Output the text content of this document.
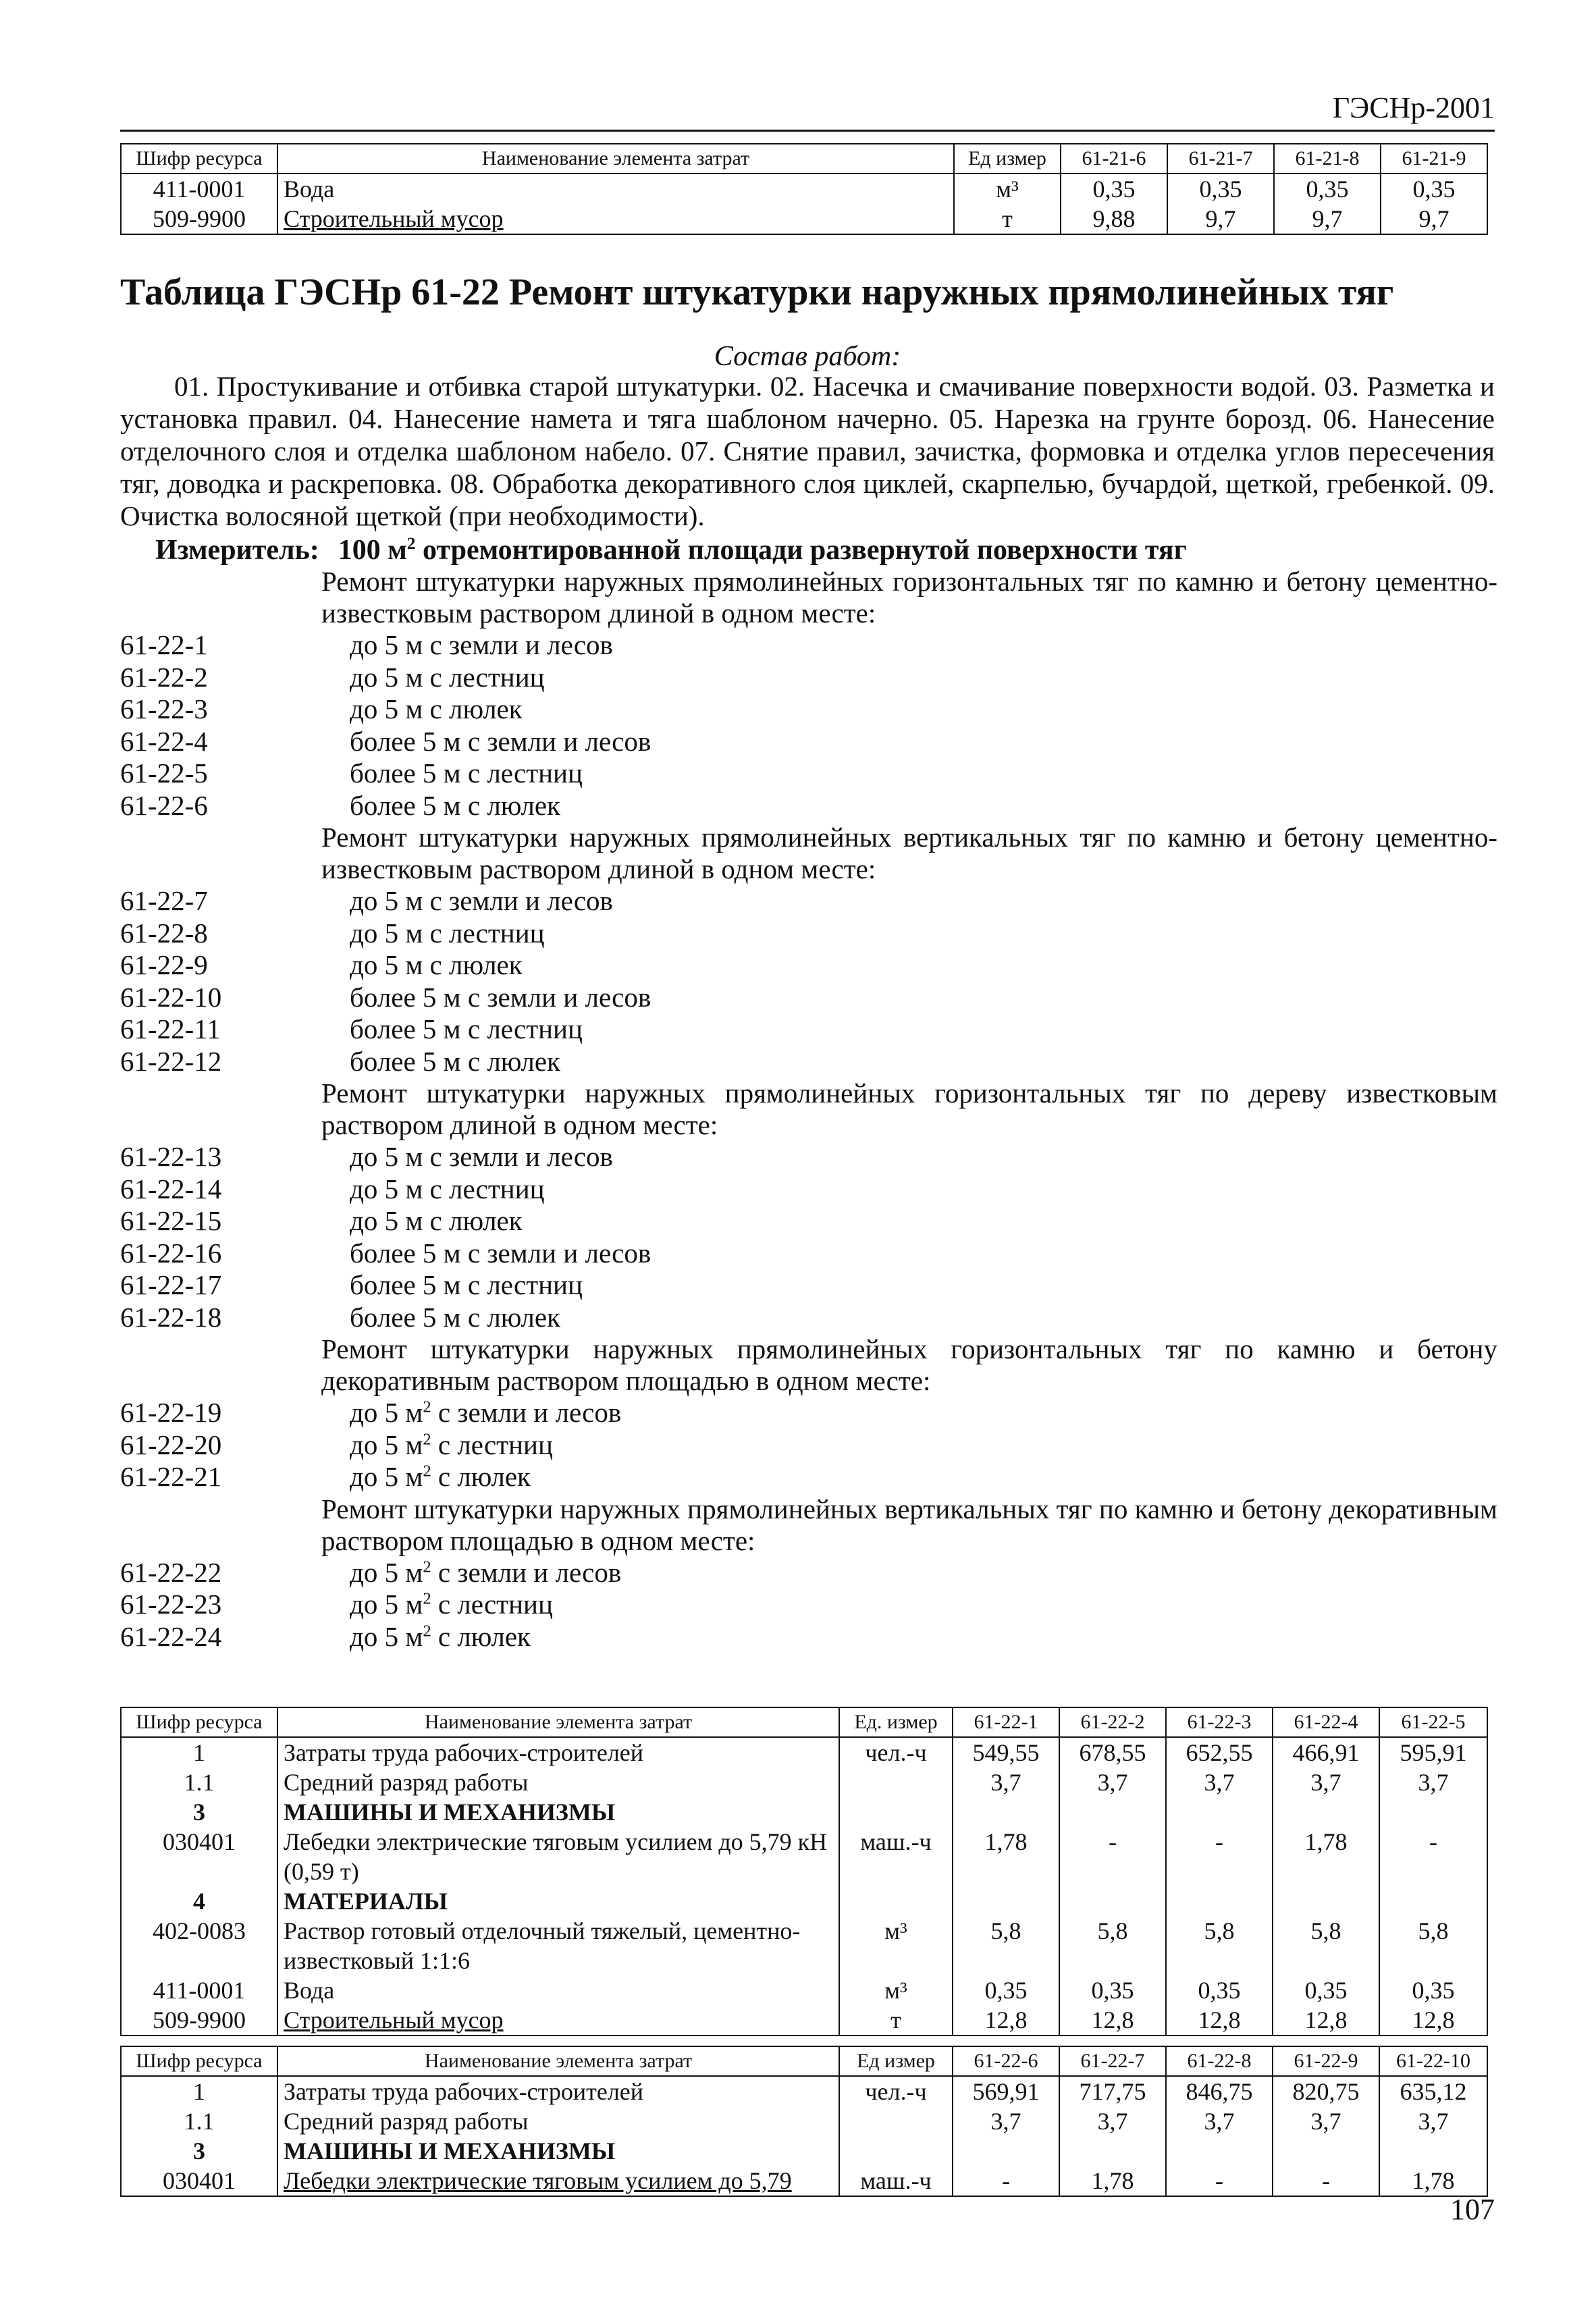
ГЭСНр-2001
Шифр ресурса	Наименование элемента затрат	Ед измер	61-21-6	61-21-7	61-21-8	61-21-9
411-0001	Вода	м³	0,35	0,35	0,35	0,35
509-9900	Строительный мусор	т	9,88	9,7	9,7	9,7
Таблица ГЭСНр 61-22 Ремонт штукатурки наружных прямолинейных тяг
Состав работ:
01. Простукивание и отбивка старой штукатурки. 02. Насечка и смачивание поверхности водой. 03. Разметка и установка правил. 04. Нанесение намета и тяга шаблоном начерно. 05. Нарезка на грунте борозд. 06. Нанесение отделочного слоя и отделка шаблоном набело. 07. Снятие правил, зачистка, формовка и отделка углов пересечения тяг, доводка и раскреповка. 08. Обработка декоративного слоя циклей, скарпелью, бучардой, щеткой, гребенкой. 09. Очистка волосяной щеткой (при необходимости).
Измеритель: 100 $м^2$ отремонтированной площади развернутой поверхности тяг
Ремонт штукатурки наружных прямолинейных горизонтальных тяг по камню и бетону цементно-известковым раствором длиной в одном месте:
61-22-1	до 5 м с земли и лесов
61-22-2	до 5 м с лестниц
61-22-3	до 5 м с люлек
61-22-4	более 5 м с земли и лесов
61-22-5	более 5 м с лестниц
61-22-6	более 5 м с люлек
Ремонт штукатурки наружных прямолинейных вертикальных тяг по камню и бетону цементно-известковым раствором длиной в одном месте:
61-22-7	до 5 м с земли и лесов
61-22-8	до 5 м с лестниц
61-22-9	до 5 м с люлек
61-22-10	более 5 м с земли и лесов
61-22-11	более 5 м с лестниц
61-22-12	более 5 м с люлек
Ремонт штукатурки наружных прямолинейных горизонтальных тяг по дереву известковым раствором длиной в одном месте:
61-22-13	до 5 м с земли и лесов
61-22-14	до 5 м с лестниц
61-22-15	до 5 м с люлек
61-22-16	более 5 м с земли и лесов
61-22-17	более 5 м с лестниц
61-22-18	более 5 м с люлек
Ремонт штукатурки наружных прямолинейных горизонтальных тяг по камню и бетону декоративным раствором площадью в одном месте:
61-22-19	до 5 $м^2$ с земли и лесов
61-22-20	до 5 $м^2$ с лестниц
61-22-21	до 5 $м^2$ с люлек
Ремонт штукатурки наружных прямолинейных вертикальных тяг по камню и бетону декоративным раствором площадью в одном месте:
61-22-22	до 5 $м^2$ с земли и лесов
61-22-23	до 5 $м^2$ с лестниц
61-22-24	до 5 $м^2$ с люлек
Шифр ресурса	Наименование элемента затрат	Ед. измер	61-22-1	61-22-2	61-22-3	61-22-4	61-22-5
1	Затраты труда рабочих-строителей	чел.-ч	549,55	678,55	652,55	466,91	595,91
1.1	Средний разряд работы		3,7	3,7	3,7	3,7	3,7
3	МАШИНЫ И МЕХАНИЗМЫ						
030401	Лебедки электрические тяговым усилием до 5,79 кН (0,59 т)	маш.-ч	1,78	-	-	1,78	-
4	МАТЕРИАЛЫ						
402-0083	Раствор готовый отделочный тяжелый, цементно-известковый 1:1:6	м³	5,8	5,8	5,8	5,8	5,8
411-0001	Вода	м³	0,35	0,35	0,35	0,35	0,35
509-9900	Строительный мусор	т	12,8	12,8	12,8	12,8	12,8
Шифр ресурса	Наименование элемента затрат	Ед измер	61-22-6	61-22-7	61-22-8	61-22-9	61-22-10
1	Затраты труда рабочих-строителей	чел.-ч	569,91	717,75	846,75	820,75	635,12
1.1	Средний разряд работы		3,7	3,7	3,7	3,7	3,7
3	МАШИНЫ И МЕХАНИЗМЫ						
030401	Лебедки электрические тяговым усилием до 5,79	маш.-ч	-	1,78	-	-	1,78
107
